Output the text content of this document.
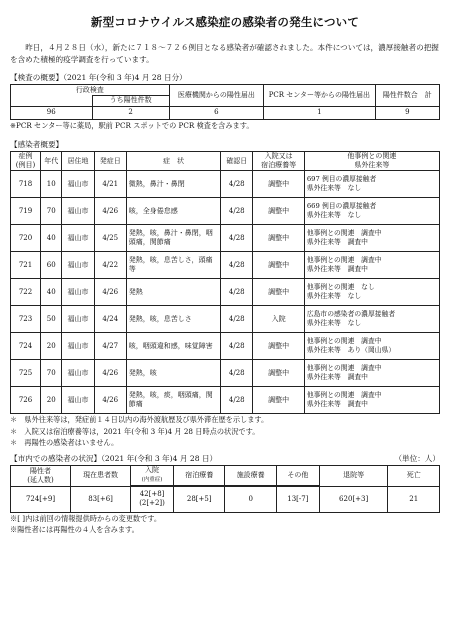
新型コロナウイルス感染症の感染者の発生について

昨日，４月２８日（水），新たに７１８～７２６例目となる感染者が確認されました。本件については，濃厚接触者の把握を含めた積極的疫学調査を行っています。

【検査の概要】（2021 年(令和 3 年)4 月 28 日分）
行政検査		医療機関からの陽性届出	PCR センター等からの陽性届出	陽性件数合　計
	うち陽性件数			
96	2	6	1	9
※PCR センター等に薬局，駅前 PCR スポットでの PCR 検査を含みます。
【感染者概要】
症例
(例目)	年代	居住地	発症日	症　状	確認日	入院又は
宿泊療養等	他事例との関連
県外往来等
718	10	福山市	4/21	微熱，鼻汁・鼻閉	4/28	調整中	697 例目の濃厚接触者
県外往来等　なし

719	70	福山市	4/26	咳，全身倦怠感	4/28	調整中	669 例目の濃厚接触者
県外往来等　なし

720	40	福山市	4/25	発熱，咳，鼻汁・鼻閉，咽頭痛，関節痛	4/28	調整中	他事例との関連　調査中
県外往来等　調査中

721	60	福山市	4/22	発熱，咳，息苦しさ，頭痛等	4/28	調整中	他事例との関連　調査中
県外往来等　調査中

722	40	福山市	4/26	発熱	4/28	調整中	他事例との関連　なし
県外往来等　なし

723	50	福山市	4/24	発熱，咳，息苦しさ	4/28	入院	広島市の感染者の濃厚接触者
県外往来等　なし

724	20	福山市	4/27	咳，咽頭違和感，味覚障害	4/28	調整中	他事例との関連　調査中
県外往来等　あり（岡山県）

725	70	福山市	4/26	発熱，咳	4/28	調整中	他事例との関連　調査中
県外往来等　調査中

726	20	福山市	4/26	発熱，咳，痰，咽頭痛，関節痛	4/28	調整中	他事例との関連　調査中
県外往来等　調査中
＊　県外往来等は，発症前１４日以内の海外渡航歴及び県外滞在歴を示します。
＊　入院又は宿泊療養等は，2021 年(令和 3 年)4 月 28 日時点の状況です。
＊　再陽性の感染者はいません。
【市内での感染者の状況】（2021 年(令和 3 年)4 月 28 日）	（単位：人）
陽性者
(延人数)	現在患者数	入院
(内重症)	宿泊療養	施設療養	その他	退院等	死亡

724[+9]	83[+6]	42[+8]
(2[+2])	28[+5]	0	13[-7]	620[+3]	21
※[ ]内は前回の情報提供時からの変更数です。
※陽性者には再陽性の４人を含みます。
